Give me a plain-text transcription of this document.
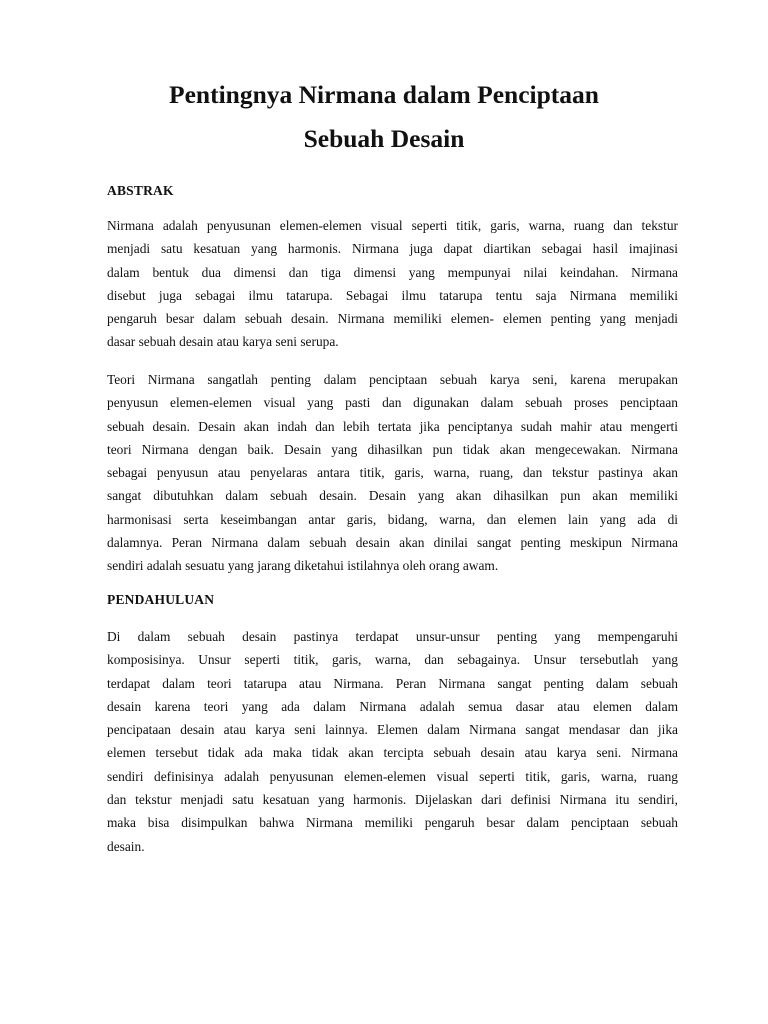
Pentingnya Nirmana dalam Penciptaan
Sebuah Desain
ABSTRAK
Nirmana adalah penyusunan elemen-elemen visual seperti titik, garis, warna, ruang dan tekstur
menjadi satu kesatuan yang harmonis. Nirmana juga dapat diartikan sebagai hasil imajinasi
dalam bentuk dua dimensi dan tiga dimensi yang mempunyai nilai keindahan. Nirmana
disebut juga sebagai ilmu tatarupa. Sebagai ilmu tatarupa tentu saja Nirmana memiliki
pengaruh besar dalam sebuah desain. Nirmana memiliki elemen- elemen penting yang menjadi
dasar sebuah desain atau karya seni serupa.
Teori Nirmana sangatlah penting dalam penciptaan sebuah karya seni, karena merupakan
penyusun elemen-elemen visual yang pasti dan digunakan dalam sebuah proses penciptaan
sebuah desain. Desain akan indah dan lebih tertata jika penciptanya sudah mahir atau mengerti
teori Nirmana dengan baik. Desain yang dihasilkan pun tidak akan mengecewakan. Nirmana
sebagai penyusun atau penyelaras antara titik, garis, warna, ruang, dan tekstur pastinya akan
sangat dibutuhkan dalam sebuah desain. Desain yang akan dihasilkan pun akan memiliki
harmonisasi serta keseimbangan antar garis, bidang, warna, dan elemen lain yang ada di
dalamnya. Peran Nirmana dalam sebuah desain akan dinilai sangat penting meskipun Nirmana
sendiri adalah sesuatu yang jarang diketahui istilahnya oleh orang awam.
PENDAHULUAN
Di dalam sebuah desain pastinya terdapat unsur-unsur penting yang mempengaruhi
komposisinya. Unsur seperti titik, garis, warna, dan sebagainya. Unsur tersebutlah yang
terdapat dalam teori tatarupa atau Nirmana. Peran Nirmana sangat penting dalam sebuah
desain karena teori yang ada dalam Nirmana adalah semua dasar atau elemen dalam
pencipataan desain atau karya seni lainnya. Elemen dalam Nirmana sangat mendasar dan jika
elemen tersebut tidak ada maka tidak akan tercipta sebuah desain atau karya seni. Nirmana
sendiri definisinya adalah penyusunan elemen-elemen visual seperti titik, garis, warna, ruang
dan tekstur menjadi satu kesatuan yang harmonis. Dijelaskan dari definisi Nirmana itu sendiri,
maka bisa disimpulkan bahwa Nirmana memiliki pengaruh besar dalam penciptaan sebuah
desain.
